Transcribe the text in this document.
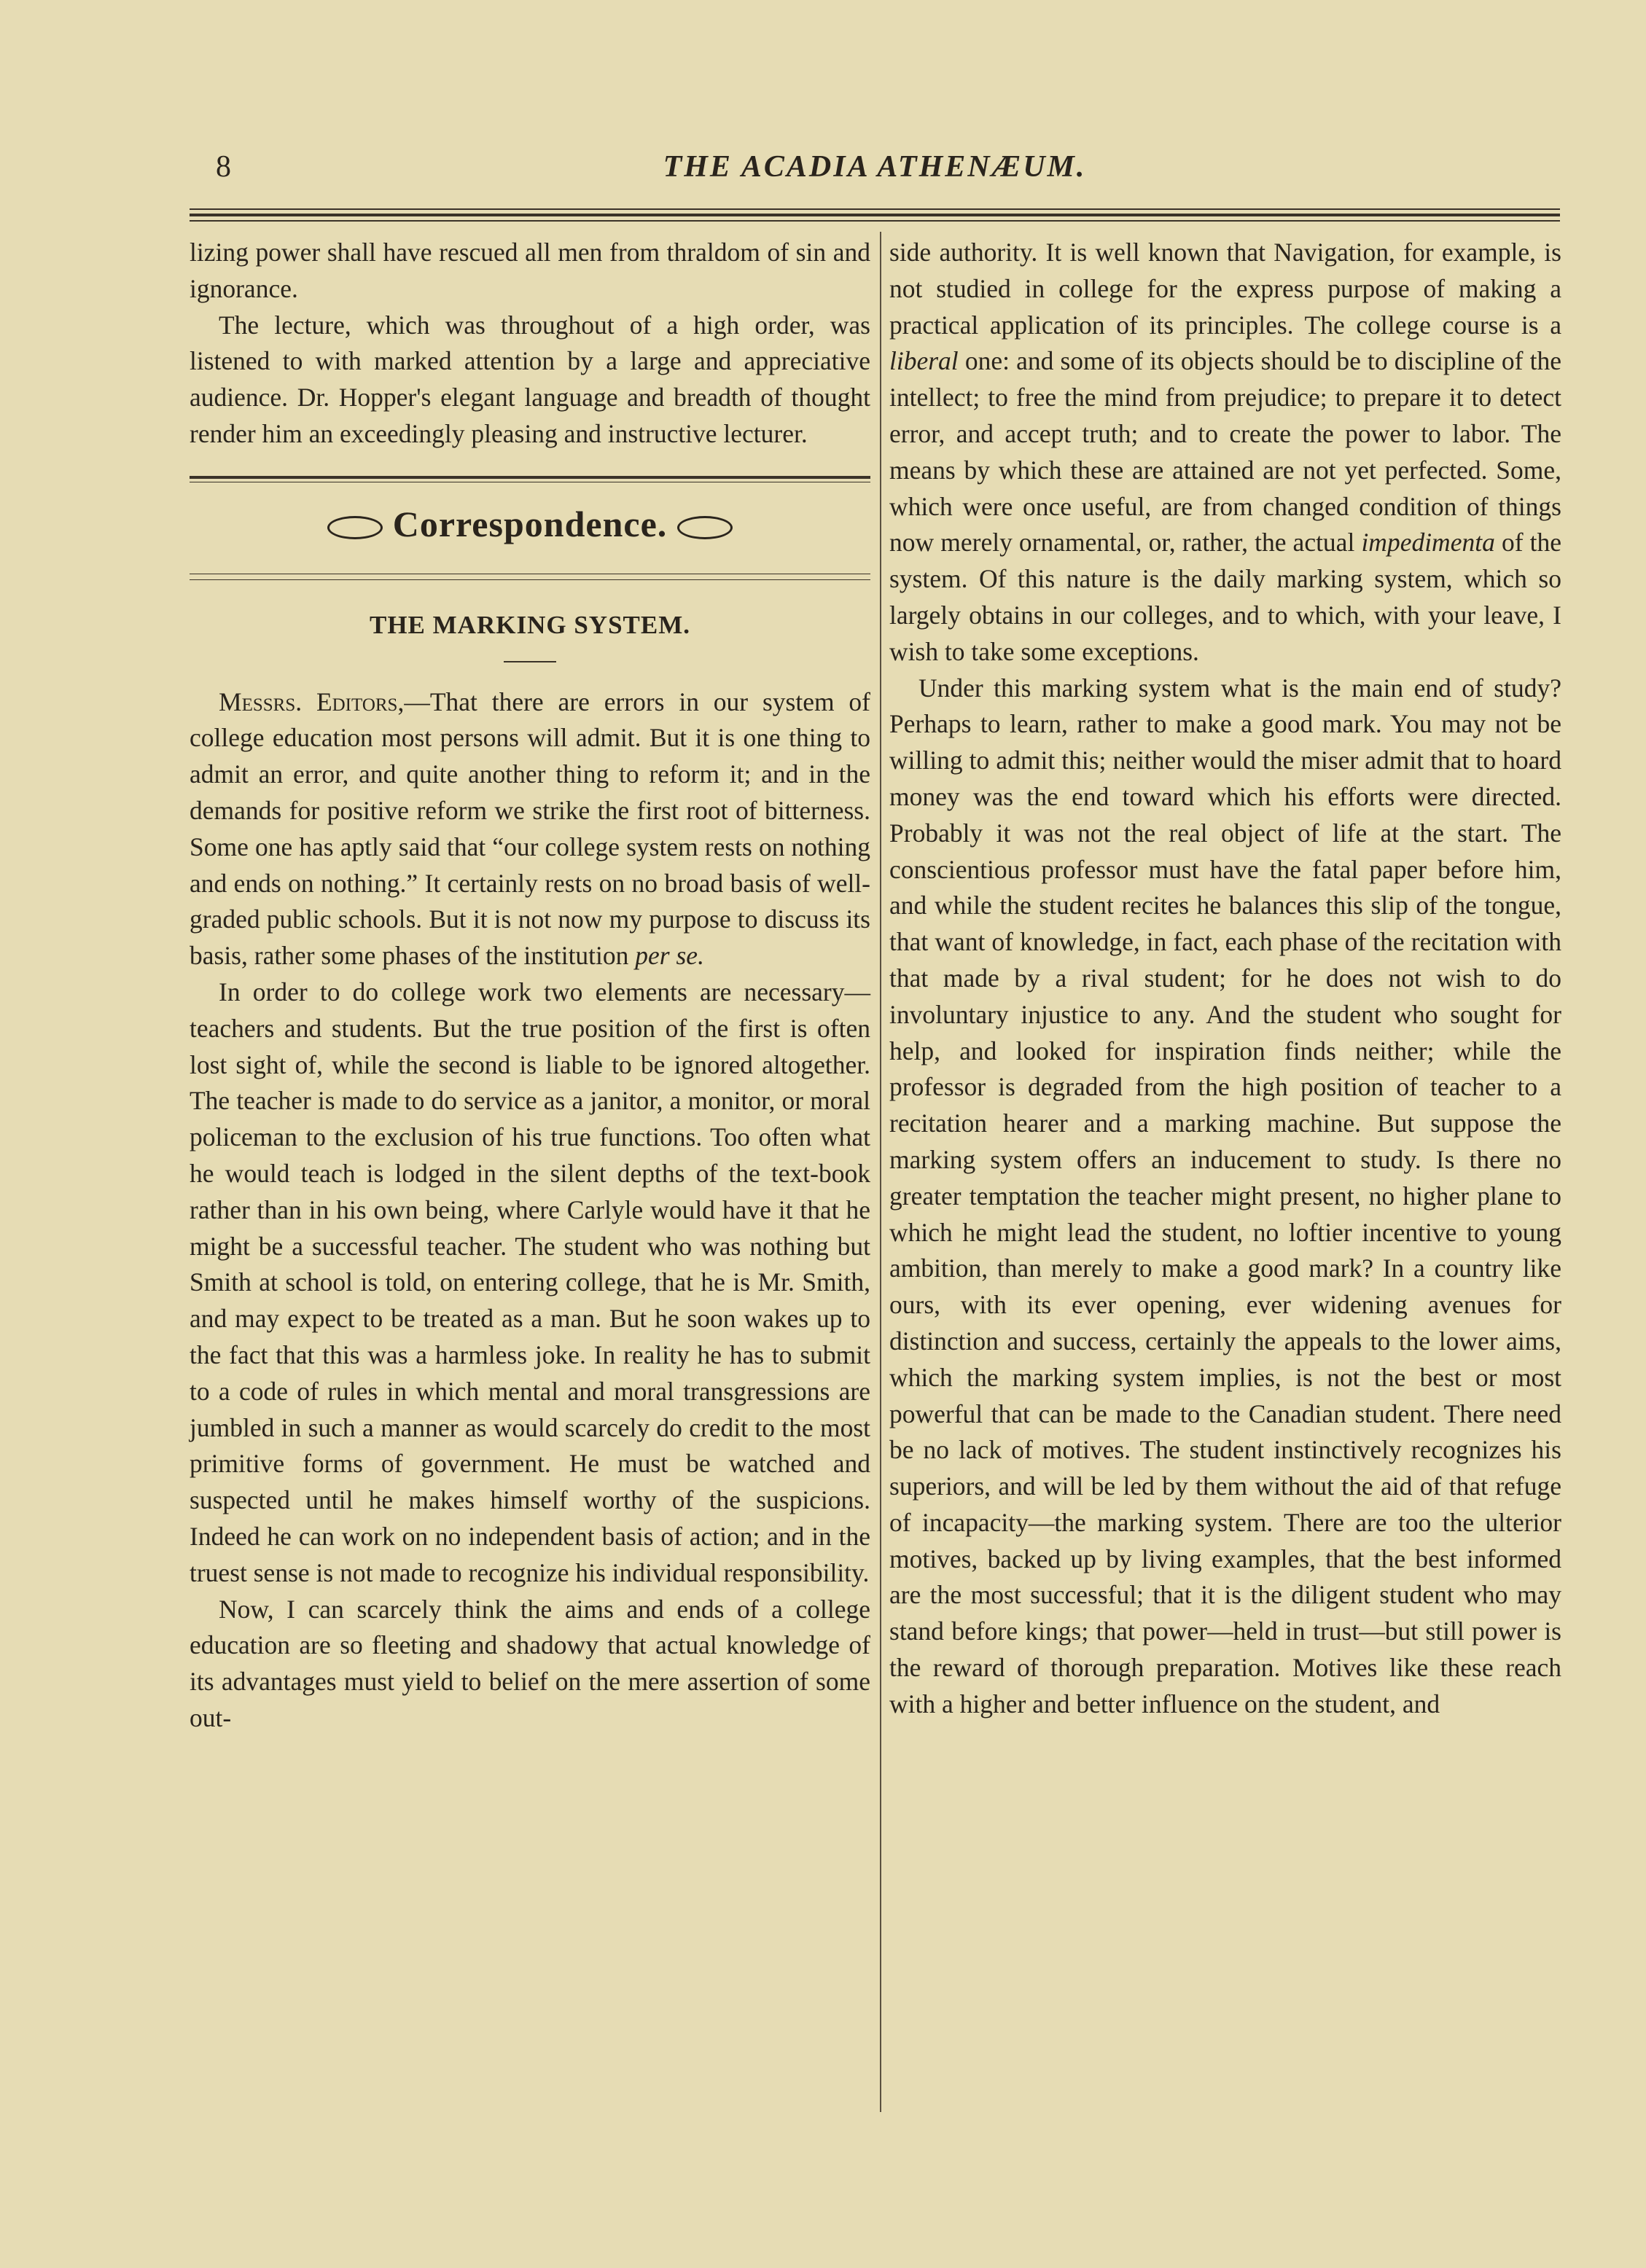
8	THE ACADIA ATHENÆUM.

lizing power shall have rescued all men from thraldom of sin and ignorance.

The lecture, which was throughout of a high order, was listened to with marked attention by a large and appreciative audience. Dr. Hopper's elegant language and breadth of thought render him an exceedingly pleasing and instructive lecturer.

Correspondence.
THE MARKING SYSTEM.

Messrs. Editors,—That there are errors in our system of college education most persons will admit. But it is one thing to admit an error, and quite another thing to reform it; and in the demands for positive reform we strike the first root of bitterness. Some one has aptly said that “our college system rests on nothing and ends on nothing.” It certainly rests on no broad basis of well-graded public schools. But it is not now my purpose to discuss its basis, rather some phases of the institution per se.

In order to do college work two elements are necessary—teachers and students. But the true position of the first is often lost sight of, while the second is liable to be ignored altogether. The teacher is made to do service as a janitor, a monitor, or moral policeman to the exclusion of his true functions. Too often what he would teach is lodged in the silent depths of the text-book rather than in his own being, where Carlyle would have it that he might be a successful teacher. The student who was nothing but Smith at school is told, on entering college, that he is Mr. Smith, and may expect to be treated as a man. But he soon wakes up to the fact that this was a harmless joke. In reality he has to submit to a code of rules in which mental and moral transgressions are jumbled in such a manner as would scarcely do credit to the most primitive forms of government. He must be watched and suspected until he makes himself worthy of the suspicions. Indeed he can work on no independent basis of action; and in the truest sense is not made to recognize his individual responsibility.

Now, I can scarcely think the aims and ends of a college education are so fleeting and shadowy that actual knowledge of its advantages must yield to belief on the mere assertion of some out-

side authority. It is well known that Navigation, for example, is not studied in college for the express purpose of making a practical application of its principles. The college course is a liberal one: and some of its objects should be to discipline of the intellect; to free the mind from prejudice; to prepare it to detect error, and accept truth; and to create the power to labor. The means by which these are attained are not yet perfected. Some, which were once useful, are from changed condition of things now merely ornamental, or, rather, the actual impedimenta of the system. Of this nature is the daily marking system, which so largely obtains in our colleges, and to which, with your leave, I wish to take some exceptions.

Under this marking system what is the main end of study? Perhaps to learn, rather to make a good mark. You may not be willing to admit this; neither would the miser admit that to hoard money was the end toward which his efforts were directed. Probably it was not the real object of life at the start. The conscientious professor must have the fatal paper before him, and while the student recites he balances this slip of the tongue, that want of knowledge, in fact, each phase of the recitation with that made by a rival student; for he does not wish to do involuntary injustice to any. And the student who sought for help, and looked for inspiration finds neither; while the professor is degraded from the high position of teacher to a recitation hearer and a marking machine. But suppose the marking system offers an inducement to study. Is there no greater temptation the teacher might present, no higher plane to which he might lead the student, no loftier incentive to young ambition, than merely to make a good mark? In a country like ours, with its ever opening, ever widening avenues for distinction and success, certainly the appeals to the lower aims, which the marking system implies, is not the best or most powerful that can be made to the Canadian student. There need be no lack of motives. The student instinctively recognizes his superiors, and will be led by them without the aid of that refuge of incapacity—the marking system. There are too the ulterior motives, backed up by living examples, that the best informed are the most successful; that it is the diligent student who may stand before kings; that power—held in trust—but still power is the reward of thorough preparation. Motives like these reach with a higher and better influence on the student, and
